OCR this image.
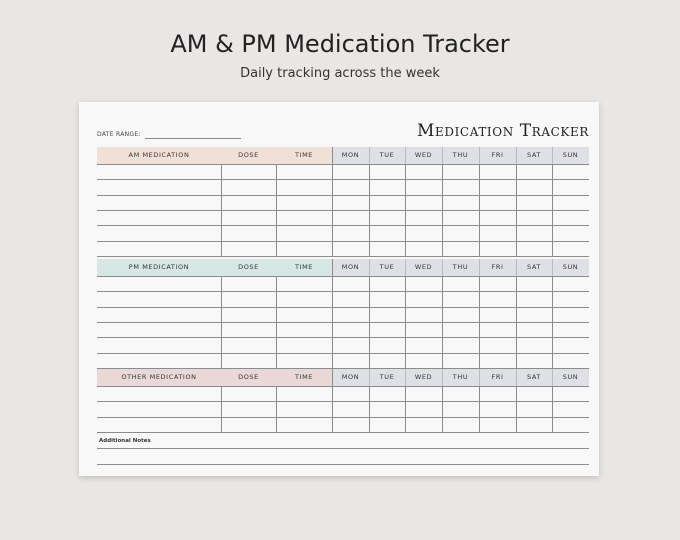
AM & PM Medication Tracker
Daily tracking across the week
DATE RANGE:	Medication Tracker
Additional Notes
AM MEDICATION	DOSE	TIME	MON	TUE	WED	THU	FRI	SAT	SUN
PM MEDICATION	DOSE	TIME	MON	TUE	WED	THU	FRI	SAT	SUN
OTHER MEDICATION	DOSE	TIME	MON	TUE	WED	THU	FRI	SAT	SUN
